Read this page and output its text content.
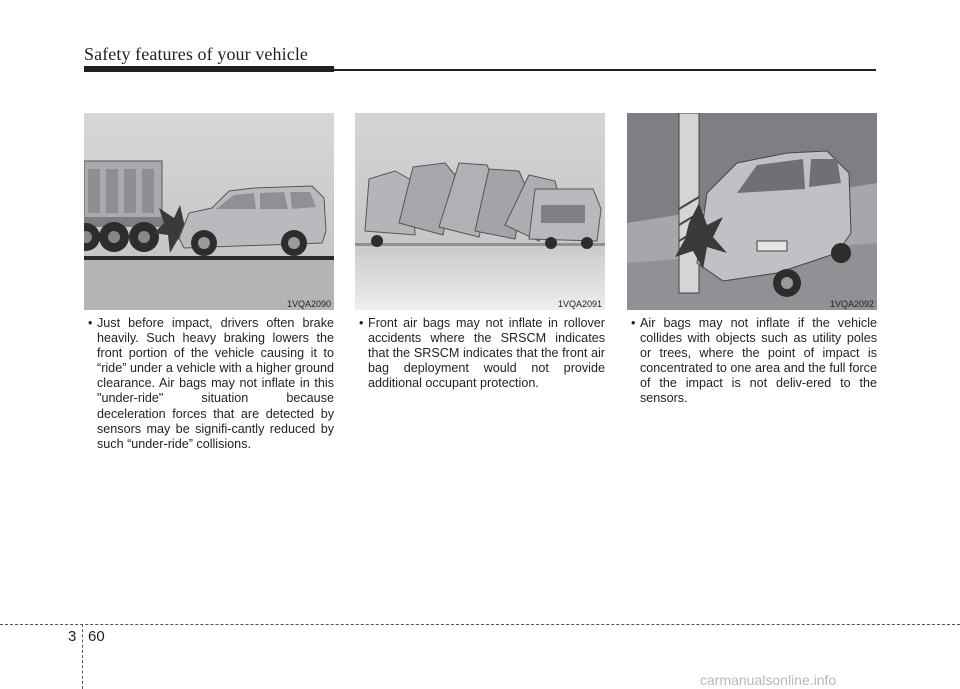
Safety features of your vehicle
1VQA2090	1VQA2091	1VQA2092
• Just before impact, drivers often brake heavily. Such heavy braking lowers the front portion of the vehicle causing it to “ride” under a vehicle with a higher ground clearance. Air bags may not inflate in this "under-ride" situation because deceleration forces that are detected by sensors may be signifi-cantly reduced by such “under-ride” collisions.

• Front air bags may not inflate in rollover accidents where the SRSCM indicates that the SRSCM indicates that the front air bag deployment would not provide additional occupant protection.

• Air bags may not inflate if the vehicle collides with objects such as utility poles or trees, where the point of impact is concentrated to one area and the full force of the impact is not deliv-ered to the sensors.

3 60
carmanualsonline.info
